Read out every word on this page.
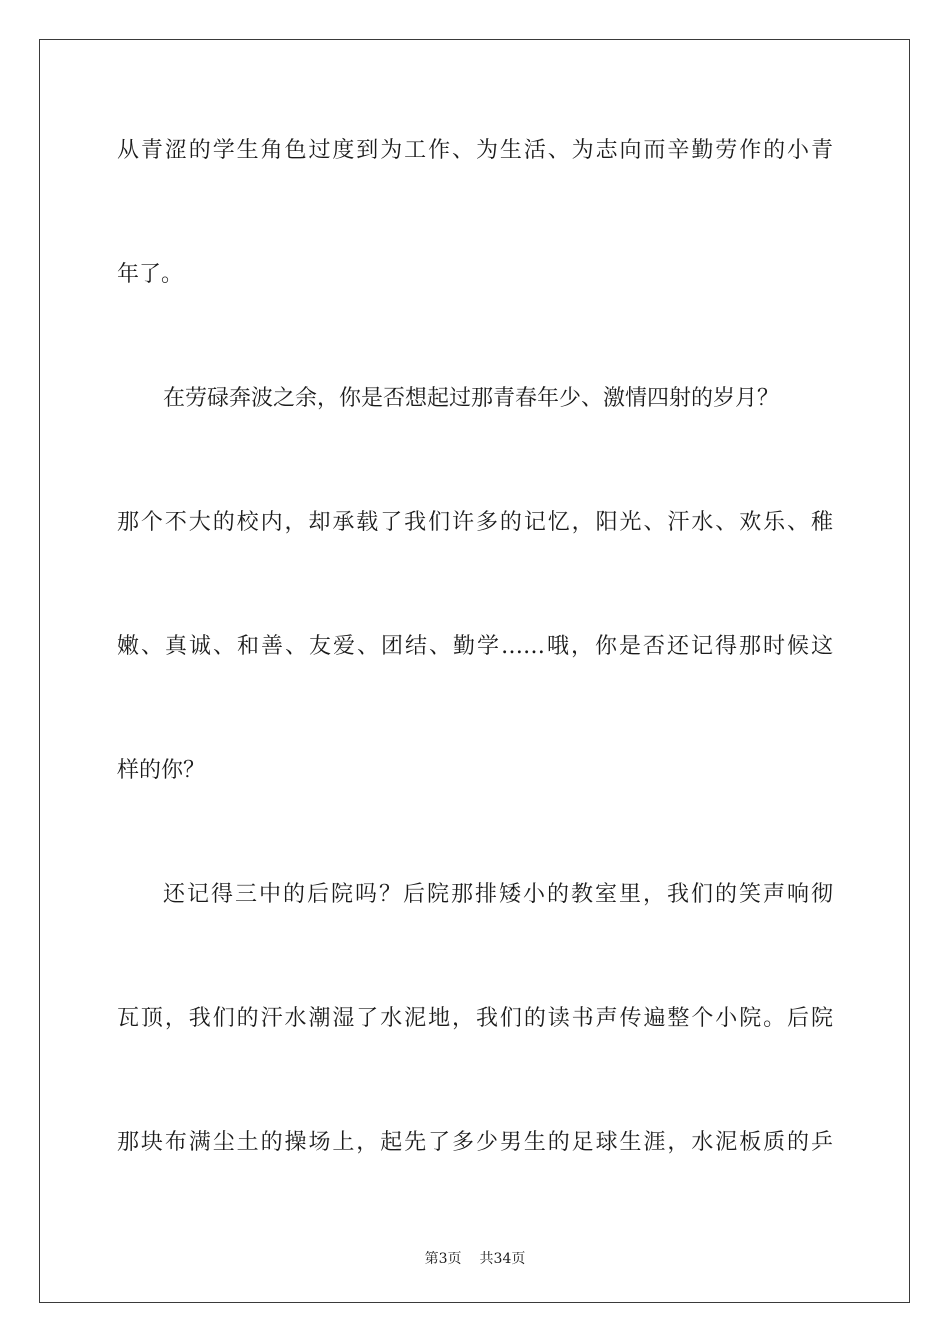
从青涩的学生角色过度到为工作、为生活、为志向而辛勤劳作的小青
年了。
在劳碌奔波之余，你是否想起过那青春年少、激情四射的岁月？
那个不大的校内，却承载了我们许多的记忆，阳光、汗水、欢乐、稚
嫩、真诚、和善、友爱、团结、勤学……哦，你是否还记得那时候这
样的你？
还记得三中的后院吗？后院那排矮小的教室里，我们的笑声响彻
瓦顶，我们的汗水潮湿了水泥地，我们的读书声传遍整个小院。后院
那块布满尘土的操场上，起先了多少男生的足球生涯，水泥板质的乒
第3页 共34页
